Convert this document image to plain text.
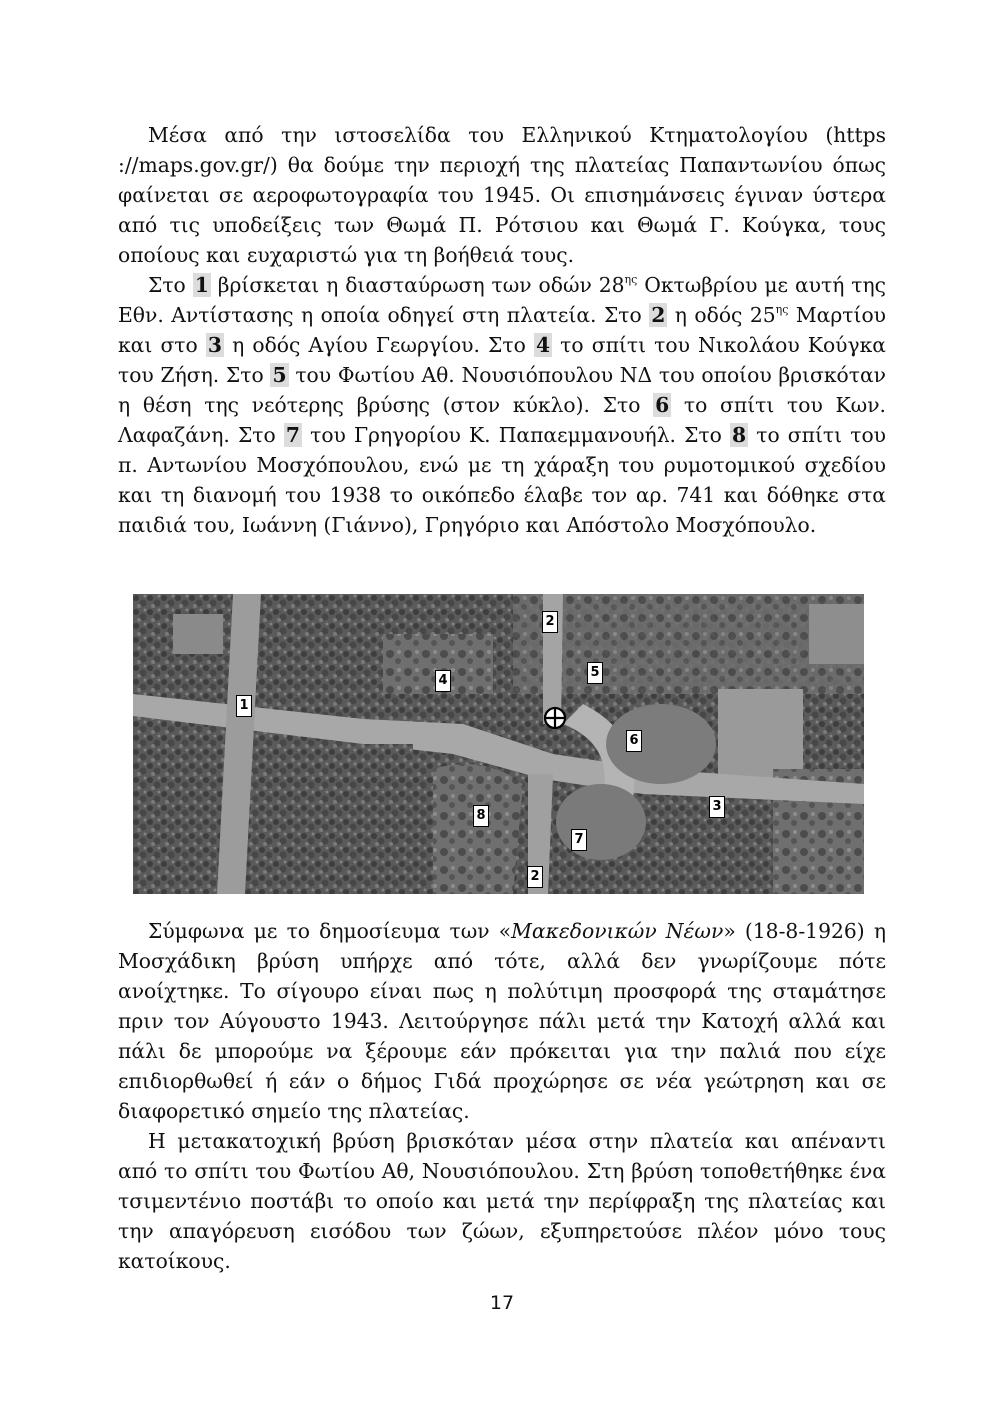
Μέσα από την ιστοσελίδα του Ελληνικού Κτηματολογίου (https ://maps.gov.gr/) θα δούμε την περιοχή της πλατείας Παπαντωνίου όπως φαίνεται σε αεροφωτογραφία του 1945. Οι επισημάνσεις έγιναν ύστερα από τις υποδείξεις των Θωμά Π. Ρότσιου και Θωμά Γ. Κούγκα, τους οποίους και ευχαριστώ για τη βοήθειά τους.

Στο 1 βρίσκεται η διασταύρωση των οδών $28^{\eta\varsigma}$ Οκτωβρίου με αυτή της Εθν. Αντίστασης η οποία οδηγεί στη πλατεία. Στο 2 η οδός $25^{\eta\varsigma}$ Μαρτίου και στο 3 η οδός Αγίου Γεωργίου. Στο 4 το σπίτι του Νικολάου Κούγκα του Ζήση. Στο 5 του Φωτίου Αθ. Νουσιόπουλου ΝΔ του οποίου βρισκόταν η θέση της νεότερης βρύσης (στον κύκλο). Στο 6 το σπίτι του Κων. Λαφαζάνη. Στο 7 του Γρηγορίου Κ. Παπαεμμανουήλ. Στο 8 το σπίτι του π. Αντωνίου Μοσχόπουλου, ενώ με τη χάραξη του ρυμοτομικού σχεδίου και τη διανομή του 1938 το οικόπεδο έλαβε τον αρ. 741 και δόθηκε στα παιδιά του, Ιωάννη (Γιάννο), Γρηγόριο και Απόστολο Μοσχόπουλο.

1
2
4
5
6
3
8
7
2

Σύμφωνα με το δημοσίευμα των «Μακεδονικών Νέων» (18-8-1926) η Μοσχάδικη βρύση υπήρχε από τότε, αλλά δεν γνωρίζουμε πότε ανοίχτηκε. Το σίγουρο είναι πως η πολύτιμη προσφορά της σταμάτησε πριν τον Αύγουστο 1943. Λειτούργησε πάλι μετά την Κατοχή αλλά και πάλι δε μπορούμε να ξέρουμε εάν πρόκειται για την παλιά που είχε επιδιορθωθεί ή εάν ο δήμος Γιδά προχώρησε σε νέα γεώτρηση και σε διαφορετικό σημείο της πλατείας.

Η μετακατοχική βρύση βρισκόταν μέσα στην πλατεία και απέναντι από το σπίτι του Φωτίου Αθ, Νουσιόπουλου. Στη βρύση τοποθετήθηκε ένα τσιμεντένιο ποστάβι το οποίο και μετά την περίφραξη της πλατείας και την απαγόρευση εισόδου των ζώων, εξυπηρετούσε πλέον μόνο τους κατοίκους.

17
